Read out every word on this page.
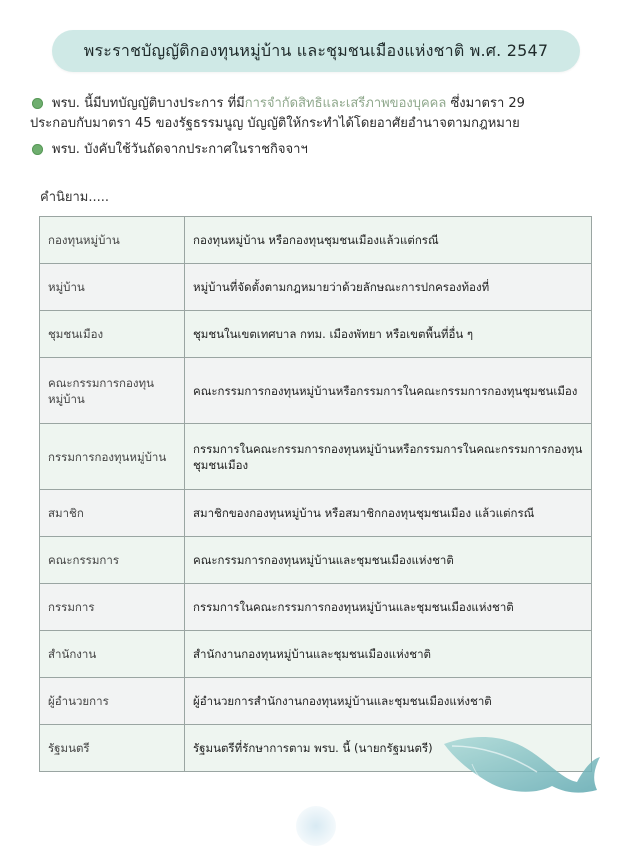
พระราชบัญญัติกองทุนหมู่บ้าน และชุมชนเมืองแห่งชาติ พ.ศ. 2547
พรบ. นี้มีบทบัญญัติบางประการ ที่มีการจำกัดสิทธิและเสรีภาพของบุคคล ซึ่งมาตรา 29
ประกอบกับมาตรา 45 ของรัฐธรรมนูญ บัญญัติให้กระทำได้โดยอาศัยอำนาจตามกฎหมาย
พรบ. บังคับใช้วันถัดจากประกาศในราชกิจจาฯ
คำนิยาม.....
กองทุนหมู่บ้าน	กองทุนหมู่บ้าน หรือกองทุนชุมชนเมืองแล้วแต่กรณี
หมู่บ้าน	หมู่บ้านที่จัดตั้งตามกฎหมายว่าด้วยลักษณะการปกครองท้องที่
ชุมชนเมือง	ชุมชนในเขตเทศบาล กทม. เมืองพัทยา หรือเขตพื้นที่อื่น ๆ
คณะกรรมการกองทุนหมู่บ้าน	คณะกรรมการกองทุนหมู่บ้านหรือกรรมการในคณะกรรมการกองทุนชุมชนเมือง
กรรมการกองทุนหมู่บ้าน	กรรมการในคณะกรรมการกองทุนหมู่บ้านหรือกรรมการในคณะกรรมการกองทุนชุมชนเมือง
สมาชิก	สมาชิกของกองทุนหมู่บ้าน หรือสมาชิกกองทุนชุมชนเมือง แล้วแต่กรณี
คณะกรรมการ	คณะกรรมการกองทุนหมู่บ้านและชุมชนเมืองแห่งชาติ
กรรมการ	กรรมการในคณะกรรมการกองทุนหมู่บ้านและชุมชนเมืองแห่งชาติ
สำนักงาน	สำนักงานกองทุนหมู่บ้านและชุมชนเมืองแห่งชาติ
ผู้อำนวยการ	ผู้อำนวยการสำนักงานกองทุนหมู่บ้านและชุมชนเมืองแห่งชาติ
รัฐมนตรี	รัฐมนตรีที่รักษาการตาม พรบ. นี้ (นายกรัฐมนตรี)
